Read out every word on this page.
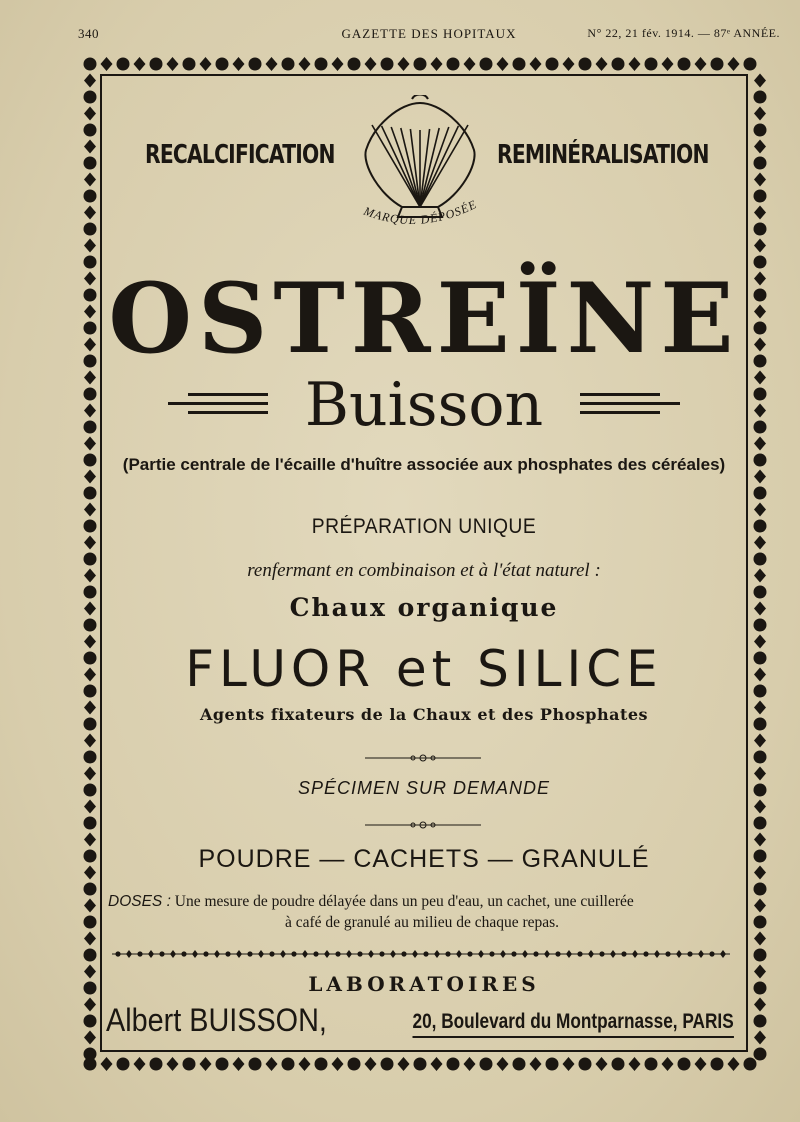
340	GAZETTE DES HOPITAUX	N° 22, 21 fév. 1914. — 87ᵉ ANNÉE.
RECALCIFICATION	REMINÉRALISATION
MARQUE DÉPOSÉE
OSTREÏNE
Buisson
(Partie centrale de l'écaille d'huître associée aux phosphates des céréales)
PRÉPARATION UNIQUE
renfermant en combinaison et à l'état naturel :
Chaux organique
FLUOR et SILICE
Agents fixateurs de la Chaux et des Phosphates
SPÉCIMEN SUR DEMANDE
POUDRE — CACHETS — GRANULÉ
DOSES : Une mesure de poudre délayée dans un peu d'eau, un cachet, une cuillerée
à café de granulé au milieu de chaque repas.
LABORATOIRES
Albert BUISSON,	20, Boulevard du Montparnasse, PARIS
